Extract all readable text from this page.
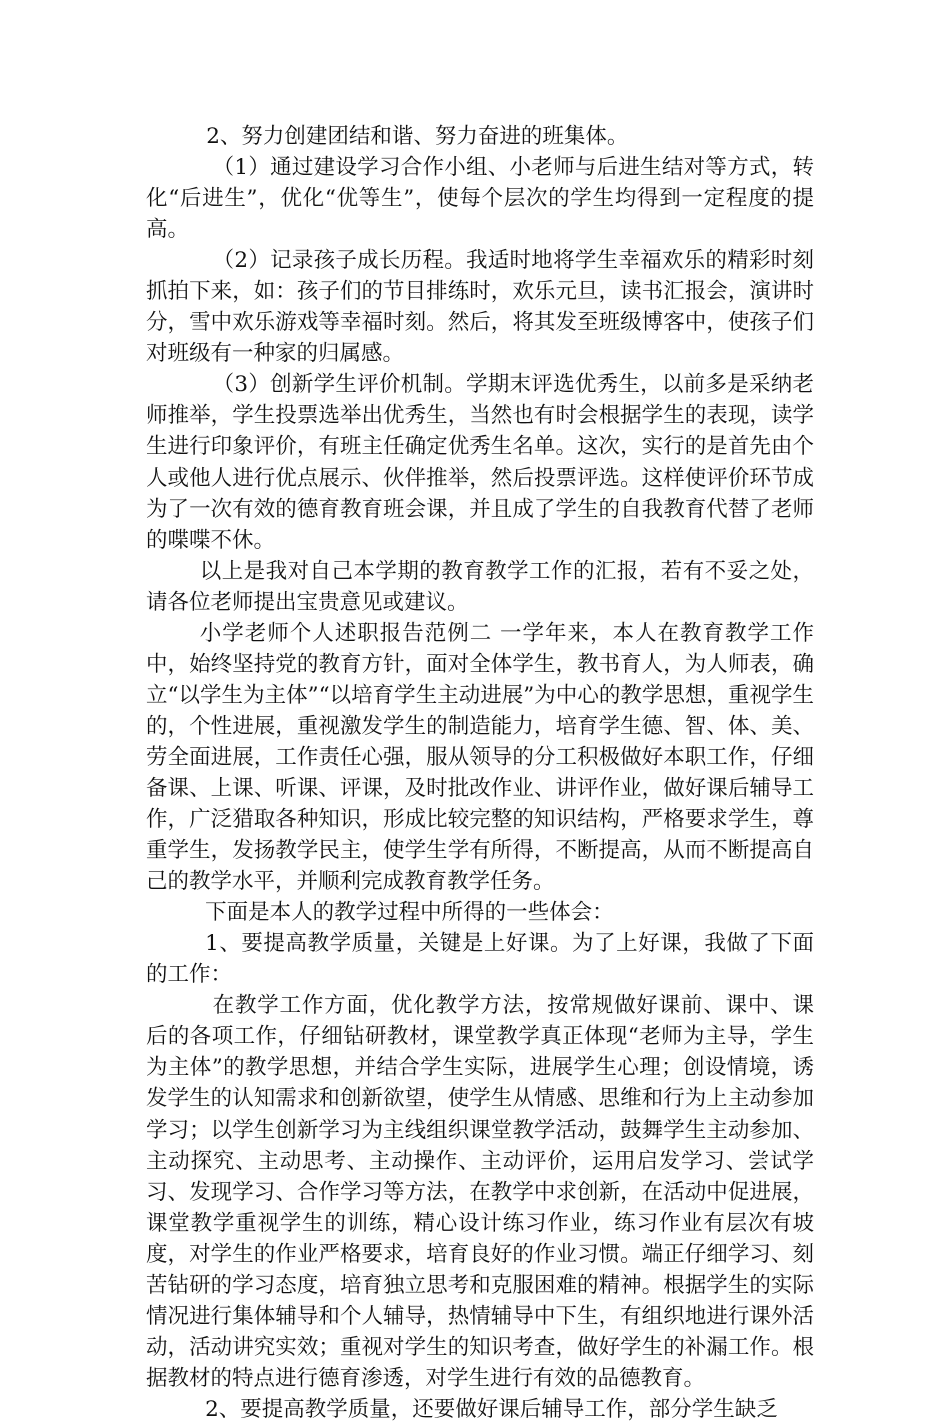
2、努力创建团结和谐、努力奋进的班集体。

（1）通过建设学习合作小组、小老师与后进生结对等方式，转化“后进生”，优化“优等生”，使每个层次的学生均得到一定程度的提高。

（2）记录孩子成长历程。我适时地将学生幸福欢乐的精彩时刻抓拍下来，如：孩子们的节目排练时，欢乐元旦，读书汇报会，演讲时分，雪中欢乐游戏等幸福时刻。然后，将其发至班级博客中，使孩子们对班级有一种家的归属感。

（3）创新学生评价机制。学期末评选优秀生，以前多是采纳老师推举，学生投票选举出优秀生，当然也有时会根据学生的表现，读学生进行印象评价，有班主任确定优秀生名单。这次，实行的是首先由个人或他人进行优点展示、伙伴推举，然后投票评选。这样使评价环节成为了一次有效的德育教育班会课，并且成了学生的自我教育代替了老师的喋喋不休。

以上是我对自己本学期的教育教学工作的汇报，若有不妥之处，请各位老师提出宝贵意见或建议。

小学老师个人述职报告范例二 一学年来，本人在教育教学工作中，始终坚持党的教育方针，面对全体学生，教书育人，为人师表，确立“以学生为主体”“以培育学生主动进展”为中心的教学思想，重视学生的，个性进展，重视激发学生的制造能力，培育学生德、智、体、美、劳全面进展，工作责任心强，服从领导的分工积极做好本职工作，仔细备课、上课、听课、评课，及时批改作业、讲评作业，做好课后辅导工作，广泛猎取各种知识，形成比较完整的知识结构，严格要求学生，尊重学生，发扬教学民主，使学生学有所得，不断提高，从而不断提高自己的教学水平，并顺利完成教育教学任务。

下面是本人的教学过程中所得的一些体会：

1、要提高教学质量，关键是上好课。为了上好课，我做了下面的工作：

在教学工作方面，优化教学方法，按常规做好课前、课中、课后的各项工作，仔细钻研教材，课堂教学真正体现“老师为主导，学生为主体”的教学思想，并结合学生实际，进展学生心理；创设情境，诱发学生的认知需求和创新欲望，使学生从情感、思维和行为上主动参加学习；以学生创新学习为主线组织课堂教学活动，鼓舞学生主动参加、主动探究、主动思考、主动操作、主动评价，运用启发学习、尝试学习、发现学习、合作学习等方法，在教学中求创新，在活动中促进展，课堂教学重视学生的训练，精心设计练习作业，练习作业有层次有坡度，对学生的作业严格要求，培育良好的作业习惯。端正仔细学习、刻苦钻研的学习态度，培育独立思考和克服困难的精神。根据学生的实际情况进行集体辅导和个人辅导，热情辅导中下生，有组织地进行课外活动，活动讲究实效；重视对学生的知识考查，做好学生的补漏工作。根据教材的特点进行德育渗透，对学生进行有效的品德教育。

2、要提高教学质量，还要做好课后辅导工作，部分学生缺乏
